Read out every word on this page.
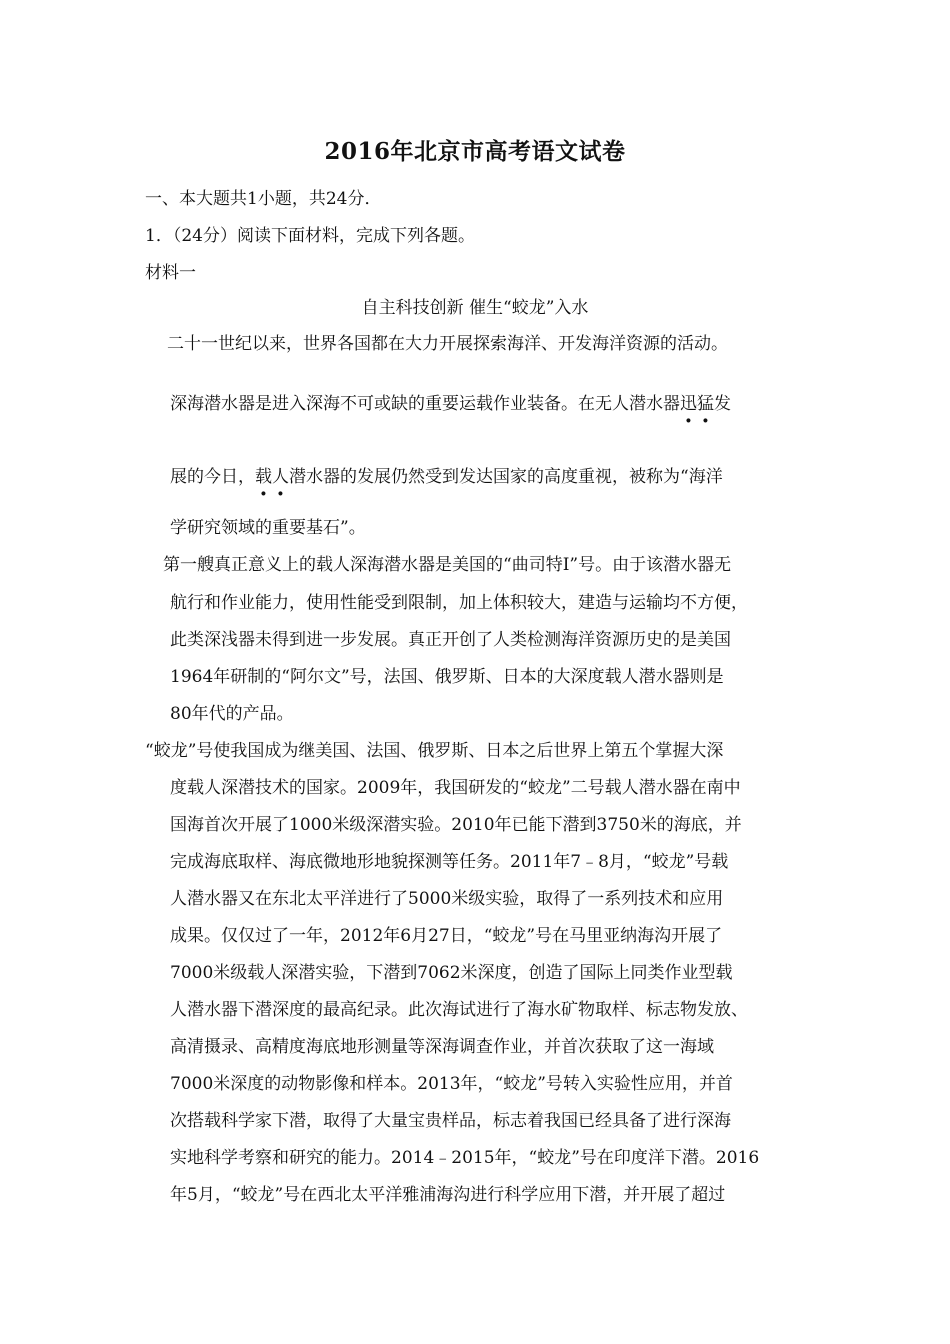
2016年北京市高考语文试卷
一、本大题共1小题，共24分．
1．（24分）阅读下面材料，完成下列各题。
材料一
自主科技创新 催生“蛟龙”入水
二十一世纪以来，世界各国都在大力开展探索海洋、开发海洋资源的活动。
深海潜水器是进入深海不可或缺的重要运载作业装备。在无人潜水器迅猛发
展的今日，载人潜水器的发展仍然受到发达国家的高度重视，被称为“海洋
学研究领域的重要基石”。
第一艘真正意义上的载人深海潜水器是美国的“曲司特Ⅰ”号。由于该潜水器无
航行和作业能力，使用性能受到限制，加上体积较大，建造与运输均不方便，
此类深浅器未得到进一步发展。真正开创了人类检测海洋资源历史的是美国
1964年研制的“阿尔文”号，法国、俄罗斯、日本的大深度载人潜水器则是
80年代的产品。
“蛟龙”号使我国成为继美国、法国、俄罗斯、日本之后世界上第五个掌握大深
度载人深潜技术的国家。2009年，我国研发的“蛟龙”二号载人潜水器在南中
国海首次开展了1000米级深潜实验。2010年已能下潜到3750米的海底，并
完成海底取样、海底微地形地貌探测等任务。2011年7﹣8月，“蛟龙”号载
人潜水器又在东北太平洋进行了5000米级实验，取得了一系列技术和应用
成果。仅仅过了一年，2012年6月27日，“蛟龙”号在马里亚纳海沟开展了
7000米级载人深潜实验，下潜到7062米深度，创造了国际上同类作业型载
人潜水器下潜深度的最高纪录。此次海试进行了海水矿物取样、标志物发放、
高清摄录、高精度海底地形测量等深海调查作业，并首次获取了这一海域
7000米深度的动物影像和样本。2013年，“蛟龙”号转入实验性应用，并首
次搭载科学家下潜，取得了大量宝贵样品，标志着我国已经具备了进行深海
实地科学考察和研究的能力。2014﹣2015年，“蛟龙”号在印度洋下潜。2016
年5月，“蛟龙”号在西北太平洋雅浦海沟进行科学应用下潜，并开展了超过
